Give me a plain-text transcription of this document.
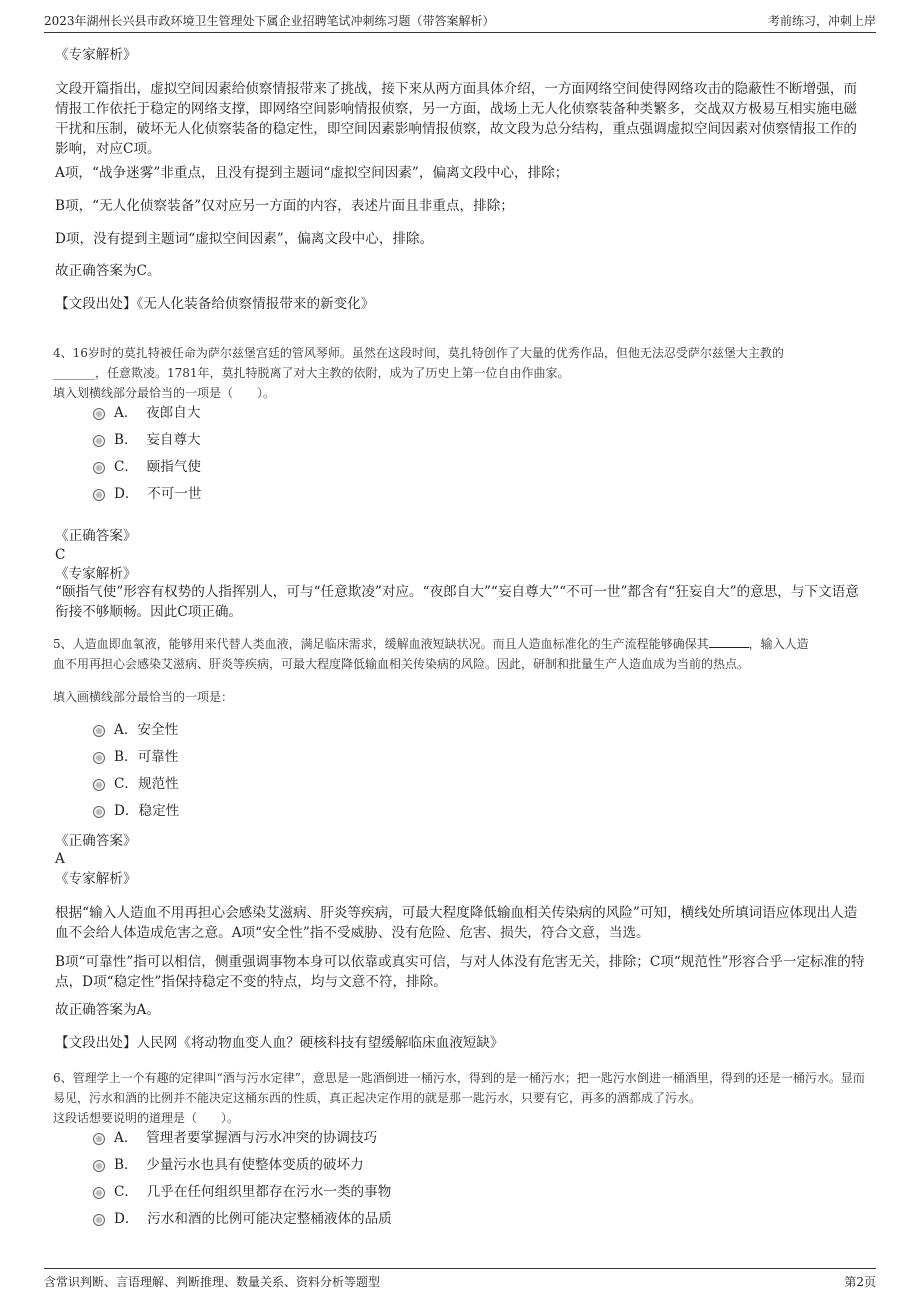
2023年湖州长兴县市政环境卫生管理处下属企业招聘笔试冲刺练习题（带答案解析）	考前练习，冲刺上岸
《专家解析》
文段开篇指出，虚拟空间因素给侦察情报带来了挑战，接下来从两方面具体介绍，一方面网络空间使得网络攻击的隐蔽性不断增强，而情报工作依托于稳定的网络支撑，即网络空间影响情报侦察，另一方面，战场上无人化侦察装备种类繁多，交战双方极易互相实施电磁干扰和压制，破坏无人化侦察装备的稳定性，即空间因素影响情报侦察，故文段为总分结构，重点强调虚拟空间因素对侦察情报工作的影响，对应C项。
A项，“战争迷雾”非重点，且没有提到主题词“虚拟空间因素”，偏离文段中心，排除；
B项，“无人化侦察装备”仅对应另一方面的内容，表述片面且非重点，排除；
D项，没有提到主题词“虚拟空间因素”，偏离文段中心，排除。
故正确答案为C。
【文段出处】《无人化装备给侦察情报带来的新变化》
4、16岁时的莫扎特被任命为萨尔兹堡宫廷的管风琴师。虽然在这段时间，莫扎特创作了大量的优秀作品，但他无法忍受萨尔兹堡大主教的
_______，任意欺凌。1781年，莫扎特脱离了对大主教的依附，成为了历史上第一位自由作曲家。
填入划横线部分最恰当的一项是（　　）。
A． 夜郎自大
B． 妄自尊大
C． 颐指气使
D． 不可一世
《正确答案》
C
《专家解析》
“颐指气使”形容有权势的人指挥别人，可与“任意欺凌”对应。“夜郎自大”“妄自尊大”“不可一世”都含有“狂妄自大”的意思，与下文语意衔接不够顺畅。因此C项正确。
5、人造血即血氧液，能够用来代替人类血液，满足临床需求，缓解血液短缺状况。而且人造血标准化的生产流程能够确保其	，输入人造
血不用再担心会感染艾滋病、肝炎等疾病，可最大程度降低输血相关传染病的风险。因此，研制和批量生产人造血成为当前的热点。
填入画横线部分最恰当的一项是：
A．安全性
B．可靠性
C．规范性
D．稳定性
《正确答案》
A
《专家解析》
根据“输入人造血不用再担心会感染艾滋病、肝炎等疾病，可最大程度降低输血相关传染病的风险”可知，横线处所填词语应体现出人造血不会给人体造成危害之意。A项“安全性”指不受威胁、没有危险、危害、损失，符合文意，当选。
B项“可靠性”指可以相信，侧重强调事物本身可以依靠或真实可信，与对人体没有危害无关，排除；C项“规范性”形容合乎一定标准的特点，D项“稳定性”指保持稳定不变的特点，均与文意不符，排除。
故正确答案为A。
【文段出处】人民网《将动物血变人血？硬核科技有望缓解临床血液短缺》
6、管理学上一个有趣的定律叫“酒与污水定律”，意思是一匙酒倒进一桶污水，得到的是一桶污水；把一匙污水倒进一桶酒里，得到的还是一桶污水。显而易见，污水和酒的比例并不能决定这桶东西的性质，真正起决定作用的就是那一匙污水，只要有它，再多的酒都成了污水。
这段话想要说明的道理是（　　）。
A． 管理者要掌握酒与污水冲突的协调技巧
B． 少量污水也具有使整体变质的破坏力
C． 几乎在任何组织里都存在污水一类的事物
D． 污水和酒的比例可能决定整桶液体的品质
含常识判断、言语理解、判断推理、数量关系、资料分析等题型	第2页
